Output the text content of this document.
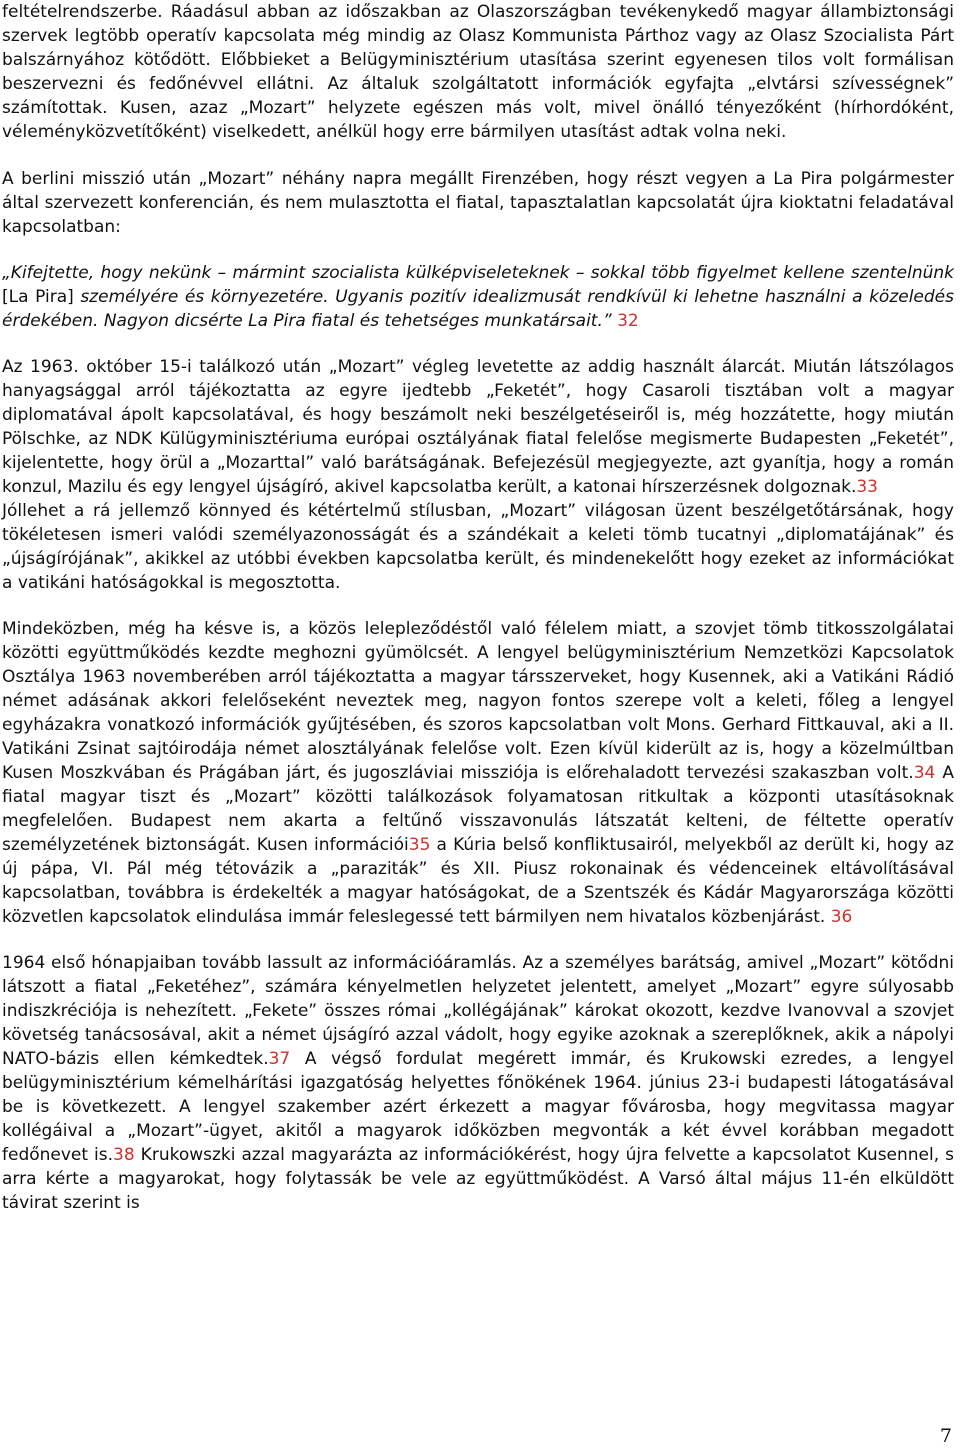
feltételrendszerbe. Ráadásul abban az időszakban az Olaszországban tevékenykedő magyar állambiztonsági szervek legtöbb operatív kapcsolata még mindig az Olasz Kommunista Párthoz vagy az Olasz Szocialista Párt balszárnyához kötődött. Előbbieket a Belügyminisztérium utasítása szerint egyenesen tilos volt formálisan beszervezni és fedőnévvel ellátni. Az általuk szolgáltatott információk egyfajta „elvtársi szívességnek” számítottak. Kusen, azaz „Mozart” helyzete egészen más volt, mivel önálló tényezőként (hírhordóként, véleményközvetítőként) viselkedett, anélkül hogy erre bármilyen utasítást adtak volna neki.

A berlini misszió után „Mozart” néhány napra megállt Firenzében, hogy részt vegyen a La Pira polgármester által szervezett konferencián, és nem mulasztotta el fiatal, tapasztalatlan kapcsolatát újra kioktatni feladatával kapcsolatban:

„Kifejtette, hogy nekünk – mármint szocialista külképviseleteknek – sokkal több figyelmet kellene szentelnünk [La Pira] személyére és környezetére. Ugyanis pozitív idealizmusát rendkívül ki lehetne használni a közeledés érdekében. Nagyon dicsérte La Pira fiatal és tehetséges munkatársait.” 32

Az 1963. október 15-i találkozó után „Mozart” végleg levetette az addig használt álarcát. Miután látszólagos hanyagsággal arról tájékoztatta az egyre ijedtebb „Feketét”, hogy Casaroli tisztában volt a magyar diplomatával ápolt kapcsolatával, és hogy beszámolt neki beszélgetéseiről is, még hozzátette, hogy miután Pölschke, az NDK Külügyminisztériuma európai osztályának fiatal felelőse megismerte Budapesten „Feketét”, kijelentette, hogy örül a „Mozarttal” való barátságának. Befejezésül megjegyezte, azt gyanítja, hogy a román konzul, Mazilu és egy lengyel újságíró, akivel kapcsolatba került, a katonai hírszerzésnek dolgoznak.33
Jóllehet a rá jellemző könnyed és kétértelmű stílusban, „Mozart” világosan üzent beszélgetőtársának, hogy tökéletesen ismeri valódi személyazonosságát és a szándékait a keleti tömb tucatnyi „diplomatájának” és „újságírójának”, akikkel az utóbbi években kapcsolatba került, és mindenekelőtt hogy ezeket az információkat a vatikáni hatóságokkal is megosztotta.

Mindeközben, még ha késve is, a közös lelepleződéstől való félelem miatt, a szovjet tömb titkosszolgálatai közötti együttműködés kezdte meghozni gyümölcsét. A lengyel belügyminisztérium Nemzetközi Kapcsolatok Osztálya 1963 novemberében arról tájékoztatta a magyar társszerveket, hogy Kusennek, aki a Vatikáni Rádió német adásának akkori felelőseként neveztek meg, nagyon fontos szerepe volt a keleti, főleg a lengyel egyházakra vonatkozó információk gyűjtésében, és szoros kapcsolatban volt Mons. Gerhard Fittkauval, aki a II. Vatikáni Zsinat sajtóirodája német alosztályának felelőse volt. Ezen kívül kiderült az is, hogy a közelmúltban Kusen Moszkvában és Prágában járt, és jugoszláviai missziója is előrehaladott tervezési szakaszban volt.34 A fiatal magyar tiszt és „Mozart” közötti találkozások folyamatosan ritkultak a központi utasításoknak megfelelően. Budapest nem akarta a feltűnő visszavonulás látszatát kelteni, de féltette operatív személyzetének biztonságát. Kusen információi35 a Kúria belső konfliktusairól, melyekből az derült ki, hogy az új pápa, VI. Pál még tétovázik a „paraziták” és XII. Piusz rokonainak és védenceinek eltávolításával kapcsolatban, továbbra is érdekelték a magyar hatóságokat, de a Szentszék és Kádár Magyarországa közötti közvetlen kapcsolatok elindulása immár feleslegessé tett bármilyen nem hivatalos közbenjárást. 36

1964 első hónapjaiban tovább lassult az információáramlás. Az a személyes barátság, amivel „Mozart” kötődni látszott a fiatal „Feketéhez”, számára kényelmetlen helyzetet jelentett, amelyet „Mozart” egyre súlyosabb indiszkréciója is nehezített. „Fekete” összes római „kollégájának” károkat okozott, kezdve Ivanovval a szovjet követség tanácsosával, akit a német újságíró azzal vádolt, hogy egyike azoknak a szereplőknek, akik a nápolyi NATO-bázis ellen kémkedtek.37 A végső fordulat megérett immár, és Krukowski ezredes, a lengyel belügyminisztérium kémelhárítási igazgatóság helyettes főnökének 1964. június 23-i budapesti látogatásával be is következett. A lengyel szakember azért érkezett a magyar fővárosba, hogy megvitassa magyar kollégáival a „Mozart”-ügyet, akitől a magyarok időközben megvonták a két évvel korábban megadott fedőnevet is.38 Krukowszki azzal magyarázta az információkérést, hogy újra felvette a kapcsolatot Kusennel, s arra kérte a magyarokat, hogy folytassák be vele az együttműködést. A Varsó által május 11-én elküldött távirat szerint is

7
